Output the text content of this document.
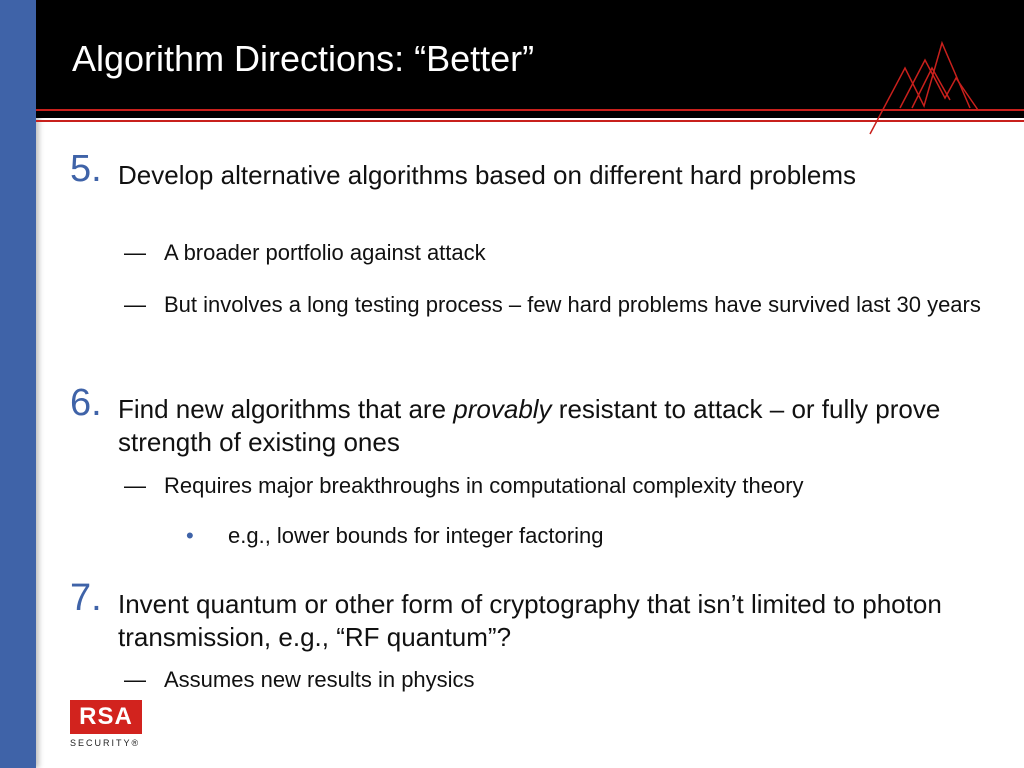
Algorithm Directions: “Better”
5. Develop alternative algorithms based on different hard problems
— A broader portfolio against attack
— But involves a long testing process – few hard problems have survived last 30 years
6. Find new algorithms that are provably resistant to attack – or fully prove strength of existing ones
— Requires major breakthroughs in computational complexity theory
• e.g., lower bounds for integer factoring
7. Invent quantum or other form of cryptography that isn’t limited to photon transmission, e.g., “RF quantum”?
— Assumes new results in physics
RSA
SECURITY®
